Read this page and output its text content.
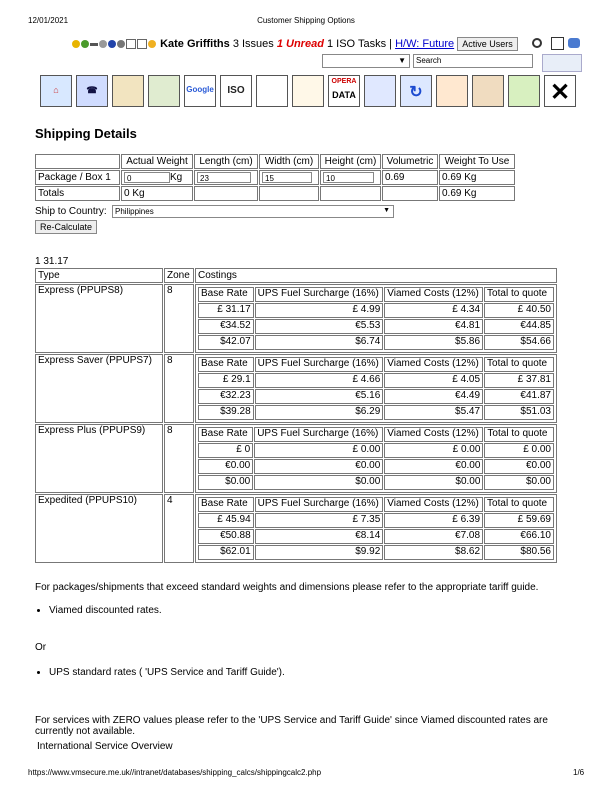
12/01/2021	Customer Shipping Options
Kate Griffiths 3 Issues 1 Unread 1 ISO Tasks | H/W: Future Active Users
▼	Search
⌂	☎	Google	ISO
OPERA
DATA	↻	✕
Shipping Details
	Actual Weight	Length (cm)	Width (cm)	Height (cm)	Volumetric	Weight To Use
Package / Box 1	0 Kg	23	15	10	0.69	0.69 Kg
Totals	0 Kg					0.69 Kg
Ship to Country:	Philippines	▼
Re-Calculate
1 31.17
Type	Zone	Costings
Express (PPUPS8)	8		Base Rate	UPS Fuel Surcharge (16%)	Viamed Costs (12%)	Total to quote
£ 31.17	£ 4.99	£ 4.34	£ 40.50
€34.52	€5.53	€4.81	€44.85
$42.07	$6.74	$5.86	$54.66

Express Saver (PPUPS7)	8		Base Rate	UPS Fuel Surcharge (16%)	Viamed Costs (12%)	Total to quote
£ 29.1	£ 4.66	£ 4.05	£ 37.81
€32.23	€5.16	€4.49	€41.87
$39.28	$6.29	$5.47	$51.03

Express Plus (PPUPS9)	8		Base Rate	UPS Fuel Surcharge (16%)	Viamed Costs (12%)	Total to quote
£ 0	£ 0.00	£ 0.00	£ 0.00
€0.00	€0.00	€0.00	€0.00
$0.00	$0.00	$0.00	$0.00

Expedited (PPUPS10)	4		Base Rate	UPS Fuel Surcharge (16%)	Viamed Costs (12%)	Total to quote
£ 45.94	£ 7.35	£ 6.39	£ 59.69
€50.88	€8.14	€7.08	€66.10
$62.01	$9.92	$8.62	$80.56
For packages/shipments that exceed standard weights and dimensions please refer to the appropriate tariff guide.
• Viamed discounted rates.
Or
• UPS standard rates ( 'UPS Service and Tariff Guide').
For services with ZERO values please refer to the 'UPS Service and Tariff Guide' since Viamed discounted rates are currently not available.
International Service Overview
https://www.vmsecure.me.uk//intranet/databases/shipping_calcs/shippingcalc2.php	1/6
